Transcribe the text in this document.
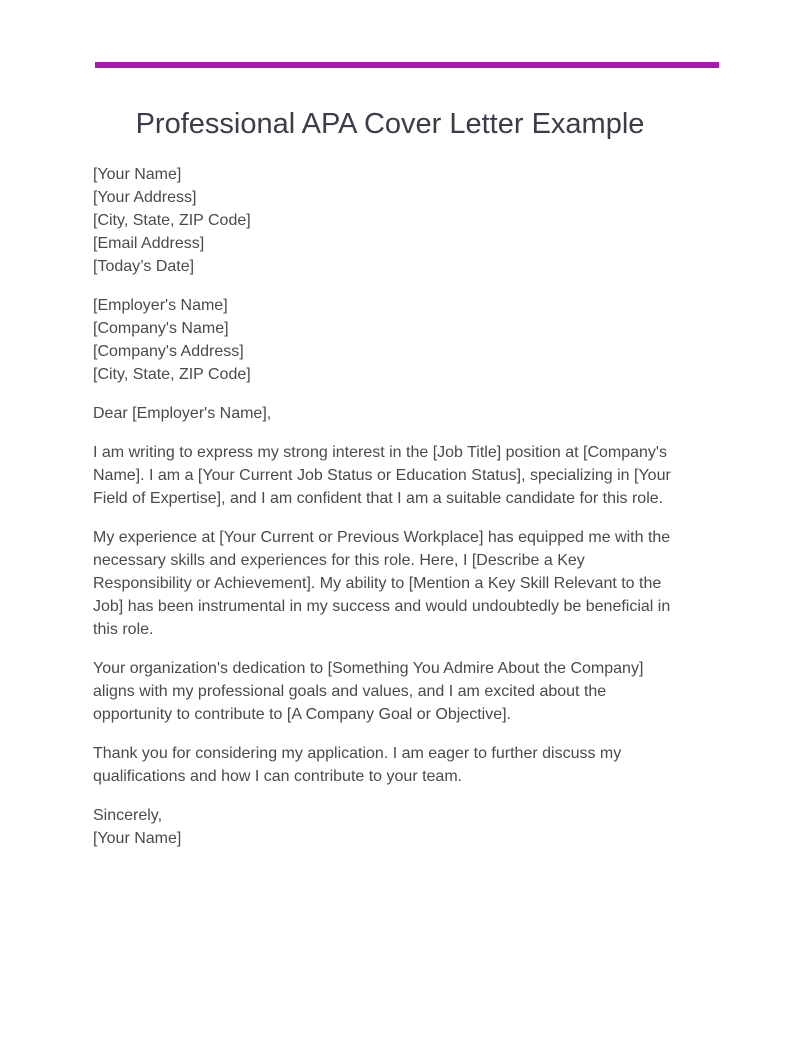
Professional APA Cover Letter Example
[Your Name]
[Your Address]
[City, State, ZIP Code]
[Email Address]
[Today’s Date]
[Employer's Name]
[Company's Name]
[Company's Address]
[City, State, ZIP Code]

Dear [Employer's Name],

I am writing to express my strong interest in the [Job Title] position at [Company's Name]. I am a [Your Current Job Status or Education Status], specializing in [Your Field of Expertise], and I am confident that I am a suitable candidate for this role.

My experience at [Your Current or Previous Workplace] has equipped me with the necessary skills and experiences for this role. Here, I [Describe a Key Responsibility or Achievement]. My ability to [Mention a Key Skill Relevant to the Job] has been instrumental in my success and would undoubtedly be beneficial in this role.

Your organization's dedication to [Something You Admire About the Company] aligns with my professional goals and values, and I am excited about the opportunity to contribute to [A Company Goal or Objective].

Thank you for considering my application. I am eager to further discuss my qualifications and how I can contribute to your team.

Sincerely,
[Your Name]
